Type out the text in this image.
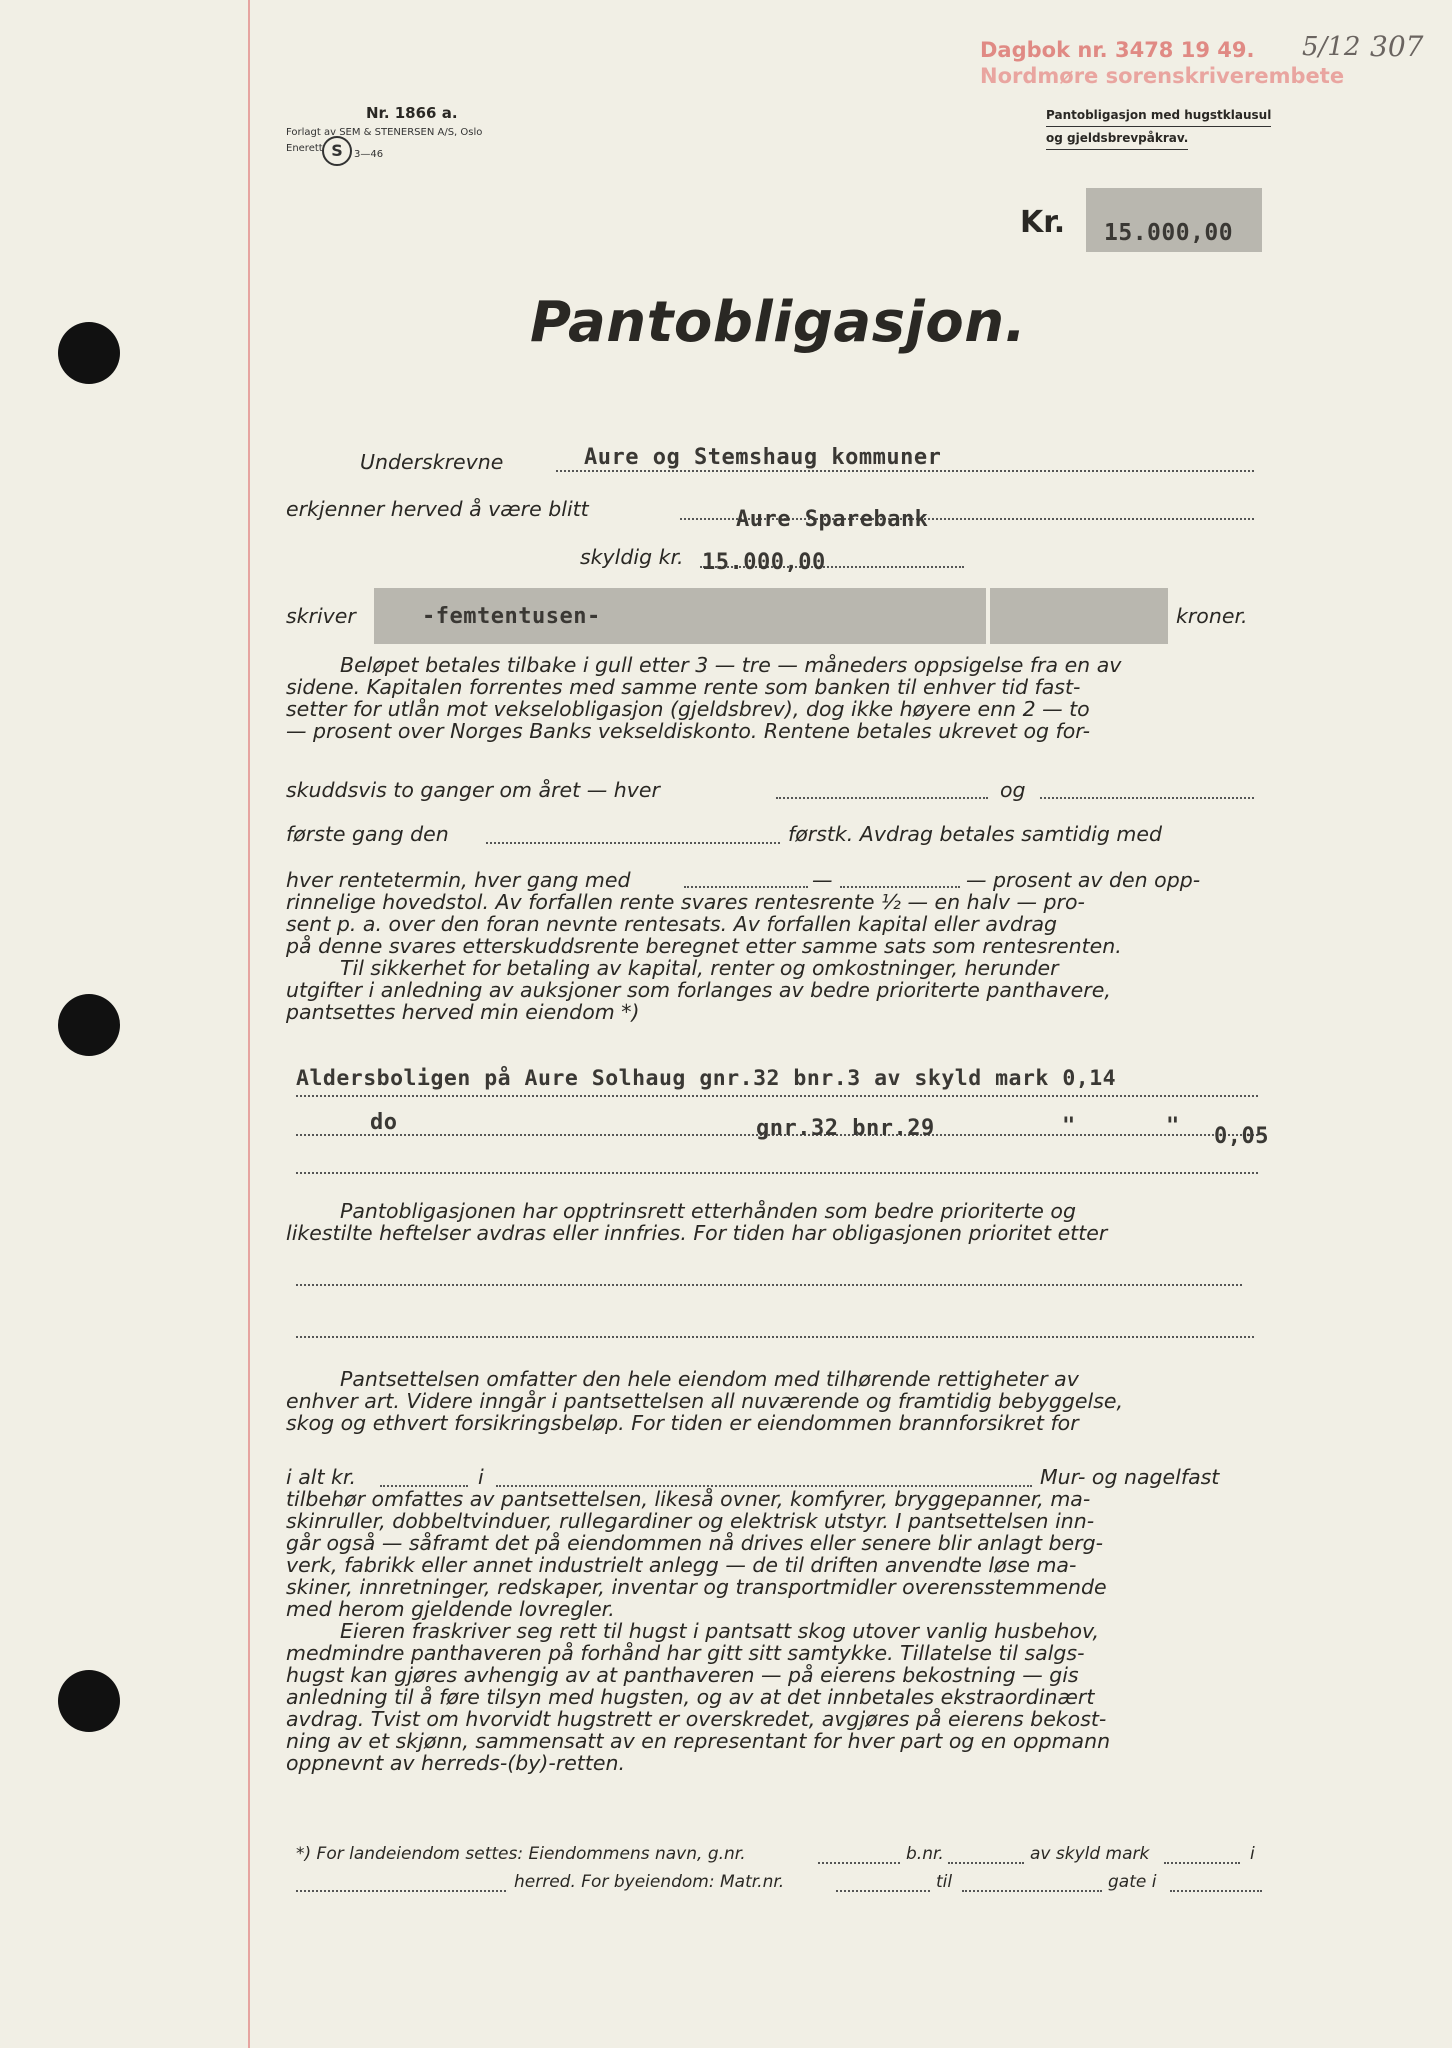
Dagbok nr. 3478 19 49. 5/12 307
Nordmøre sorenskriverembete
Nr. 1866 a.
Forlagt av SEM & STENERSEN A/S, Oslo
Enerett S	3—46
Pantobligasjon med hugstklausul
og gjeldsbrevpåkrav.
Kr. 15.000,00
Pantobligasjon.
Underskrevne	Aure og Stemshaug kommuner
erkjenner herved å være blitt	Aure Sparebank
skyldig kr. 15.000,00
skriver	-femtentusen-	kroner.

Beløpet betales tilbake i gull etter 3 — tre — måneders oppsigelse fra en av

sidene. Kapitalen forrentes med samme rente som banken til enhver tid fast-

setter for utlån mot vekselobligasjon (gjeldsbrev), dog ikke høyere enn 2 — to

— prosent over Norges Banks vekseldiskonto. Rentene betales ukrevet og for-

skuddsvis to ganger om året — hver	og
første gang den	førstk. Avdrag betales samtidig med
hver rentetermin, hver gang med	—	— prosent av den opp-

rinnelige hovedstol. Av forfallen rente svares rentesrente ½ — en halv — pro-

sent p. a. over den foran nevnte rentesats. Av forfallen kapital eller avdrag

på denne svares etterskuddsrente beregnet etter samme sats som rentesrenten.

Til sikkerhet for betaling av kapital, renter og omkostninger, herunder

utgifter i anledning av auksjoner som forlanges av bedre prioriterte panthavere,

pantsettes herved min eiendom *)

Aldersboligen på Aure Solhaug gnr.32 bnr.3 av skyld mark 0,14
do	gnr.32 bnr.29	"	" 0,05

Pantobligasjonen har opptrinsrett etterhånden som bedre prioriterte og

likestilte heftelser avdras eller innfries. For tiden har obligasjonen prioritet etter

Pantsettelsen omfatter den hele eiendom med tilhørende rettigheter av

enhver art. Videre inngår i pantsettelsen all nuværende og framtidig bebyggelse,

skog og ethvert forsikringsbeløp. For tiden er eiendommen brannforsikret for

i alt kr.	i	Mur- og nagelfast

tilbehør omfattes av pantsettelsen, likeså ovner, komfyrer, bryggepanner, ma-

skinruller, dobbeltvinduer, rullegardiner og elektrisk utstyr. I pantsettelsen inn-

går også — såframt det på eiendommen nå drives eller senere blir anlagt berg-

verk, fabrikk eller annet industrielt anlegg — de til driften anvendte løse ma-

skiner, innretninger, redskaper, inventar og transportmidler overensstemmende

med herom gjeldende lovregler.

Eieren fraskriver seg rett til hugst i pantsatt skog utover vanlig husbehov,

medmindre panthaveren på forhånd har gitt sitt samtykke. Tillatelse til salgs-

hugst kan gjøres avhengig av at panthaveren — på eierens bekostning — gis

anledning til å føre tilsyn med hugsten, og av at det innbetales ekstraordinært

avdrag. Tvist om hvorvidt hugstrett er overskredet, avgjøres på eierens bekost-

ning av et skjønn, sammensatt av en representant for hver part og en oppmann

oppnevnt av herreds-(by)-retten.

*) For landeiendom settes: Eiendommens navn, g.nr.	b.nr.	av skyld mark	i
herred. For byeiendom: Matr.nr.	til	gate i
